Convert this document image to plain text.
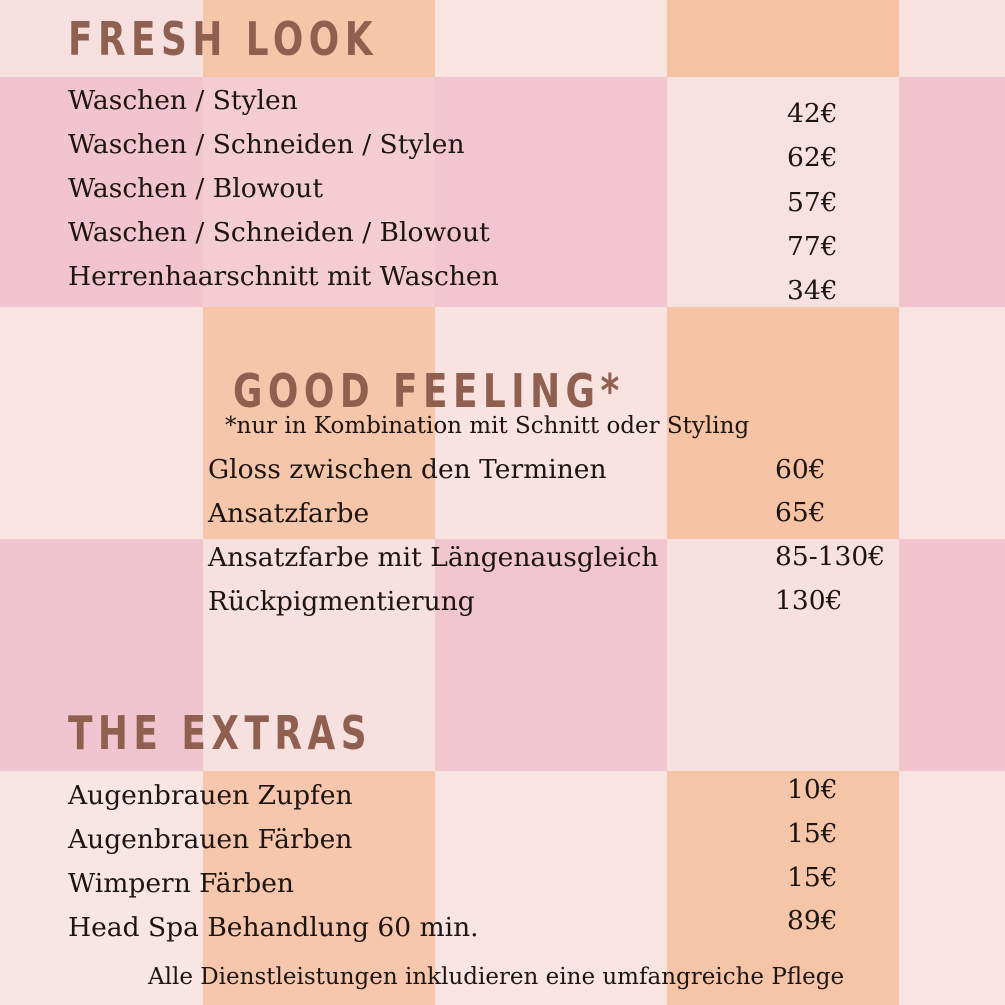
FRESH LOOK
Waschen / Stylen
Waschen / Schneiden / Stylen
Waschen / Blowout
Waschen / Schneiden / Blowout
Herrenhaarschnitt mit Waschen
42€
62€
57€
77€
34€
GOOD FEELING*
*nur in Kombination mit Schnitt oder Styling
Gloss zwischen den Terminen
Ansatzfarbe
Ansatzfarbe mit Längenausgleich
Rückpigmentierung
60€
65€
85-130€
130€
THE EXTRAS
Augenbrauen Zupfen
Augenbrauen Färben
Wimpern Färben
Head Spa Behandlung 60 min.
10€
15€
15€
89€
Alle Dienstleistungen inkludieren eine umfangreiche Pflege
